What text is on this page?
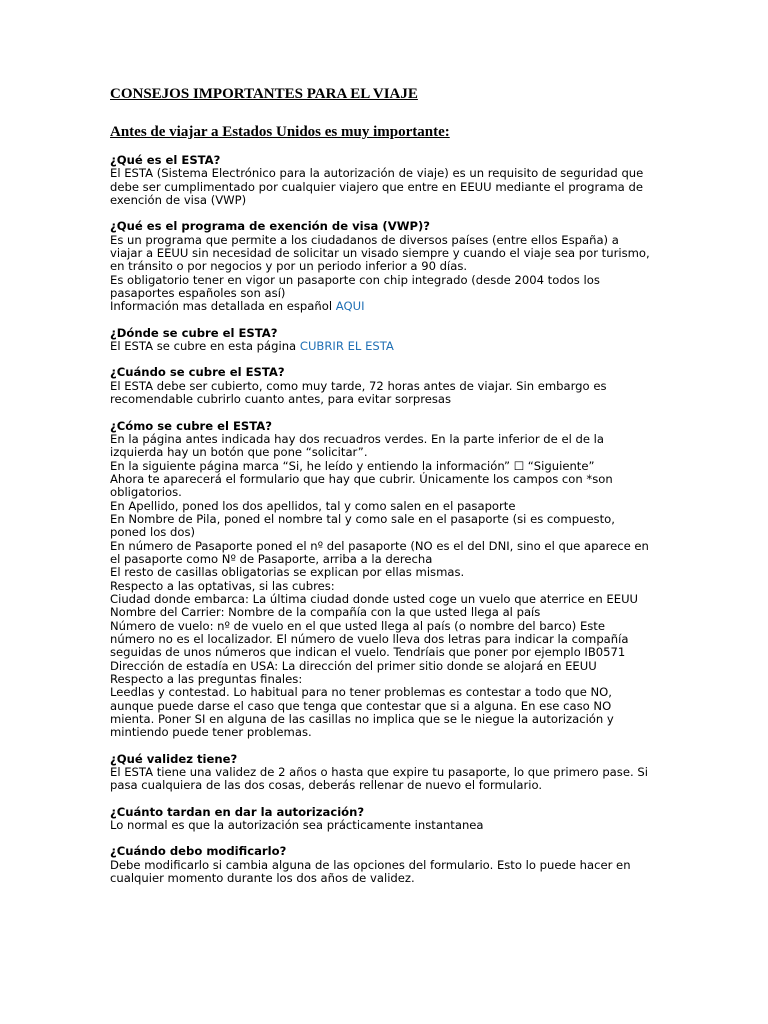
CONSEJOS IMPORTANTES PARA EL VIAJE
Antes de viajar a Estados Unidos es muy importante:
¿Qué es el ESTA?
El ESTA (Sistema Electrónico para la autorización de viaje) es un requisito de seguridad que
debe ser cumplimentado por cualquier viajero que entre en EEUU mediante el programa de
exención de visa (VWP)
¿Qué es el programa de exención de visa (VWP)?
Es un programa que permite a los ciudadanos de diversos países (entre ellos España) a
viajar a EEUU sin necesidad de solicitar un visado siempre y cuando el viaje sea por turismo,
en tránsito o por negocios y por un periodo inferior a 90 días.
Es obligatorio tener en vigor un pasaporte con chip integrado (desde 2004 todos los
pasaportes españoles son así)
Información mas detallada en español AQUI
¿Dónde se cubre el ESTA?
El ESTA se cubre en esta página CUBRIR EL ESTA
¿Cuándo se cubre el ESTA?
El ESTA debe ser cubierto, como muy tarde, 72 horas antes de viajar. Sin embargo es
recomendable cubrirlo cuanto antes, para evitar sorpresas
¿Cómo se cubre el ESTA?
En la página antes indicada hay dos recuadros verdes. En la parte inferior de el de la
izquierda hay un botón que pone “solicitar”.
En la siguiente página marca “Si, he leído y entiendo la información” ☐ “Siguiente”
Ahora te aparecerá el formulario que hay que cubrir. Únicamente los campos con *son
obligatorios.
En Apellido, poned los dos apellidos, tal y como salen en el pasaporte
En Nombre de Pila, poned el nombre tal y como sale en el pasaporte (si es compuesto,
poned los dos)
En número de Pasaporte poned el nº del pasaporte (NO es el del DNI, sino el que aparece en
el pasaporte como Nº de Pasaporte, arriba a la derecha
El resto de casillas obligatorias se explican por ellas mismas.
Respecto a las optativas, si las cubres:
Ciudad donde embarca: La última ciudad donde usted coge un vuelo que aterrice en EEUU
Nombre del Carrier: Nombre de la compañía con la que usted llega al país
Número de vuelo: nº de vuelo en el que usted llega al país (o nombre del barco) Este
número no es el localizador. El número de vuelo lleva dos letras para indicar la compañía
seguidas de unos números que indican el vuelo. Tendríais que poner por ejemplo IB0571
Dirección de estadía en USA: La dirección del primer sitio donde se alojará en EEUU
Respecto a las preguntas finales:
Leedlas y contestad. Lo habitual para no tener problemas es contestar a todo que NO,
aunque puede darse el caso que tenga que contestar que si a alguna. En ese caso NO
mienta. Poner SI en alguna de las casillas no implica que se le niegue la autorización y
mintiendo puede tener problemas.
¿Qué validez tiene?
El ESTA tiene una validez de 2 años o hasta que expire tu pasaporte, lo que primero pase. Si
pasa cualquiera de las dos cosas, deberás rellenar de nuevo el formulario.
¿Cuánto tardan en dar la autorización?
Lo normal es que la autorización sea prácticamente instantanea
¿Cuándo debo modificarlo?
Debe modificarlo si cambia alguna de las opciones del formulario. Esto lo puede hacer en
cualquier momento durante los dos años de validez.
